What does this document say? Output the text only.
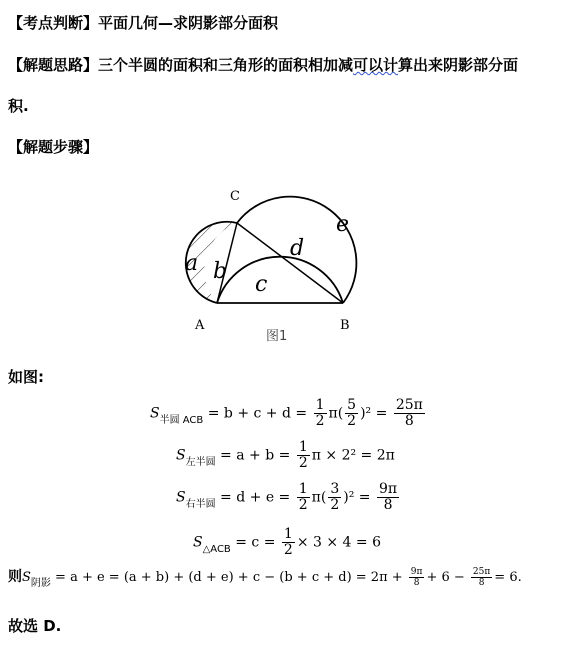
【考点判断】平面几何—求阴影部分面积
【解题思路】三个半圆的面积和三角形的面积相加减可以计算出来阴影部分面
积.
【解题步骤】
A	B
C
a b
c
d
e
图1
如图:
$S_{半圆 ACB} = b + c + d = \frac{1}{2} \pi( \frac{5}{2} )^2 = \frac{25\pi}{8}$
$S_{左半圆} = a + b = \frac{1}{2}$ π × 2² = 2π
$S_{右半圆} = d + e = \frac{1}{2} \pi( \frac{3}{2} )^2 = \frac{9\pi}{8}$
$S_{\triangle ACB} = c = \frac{1}{2} \times 3 \times 4 = 6$
则$S_{阴影} = a + e = (a + b) + (d + e) + c - (b + c + d) = 2\pi + \frac{9\pi}{8} + 6 - \frac{25\pi}{8} = 6$.
故选 D.
